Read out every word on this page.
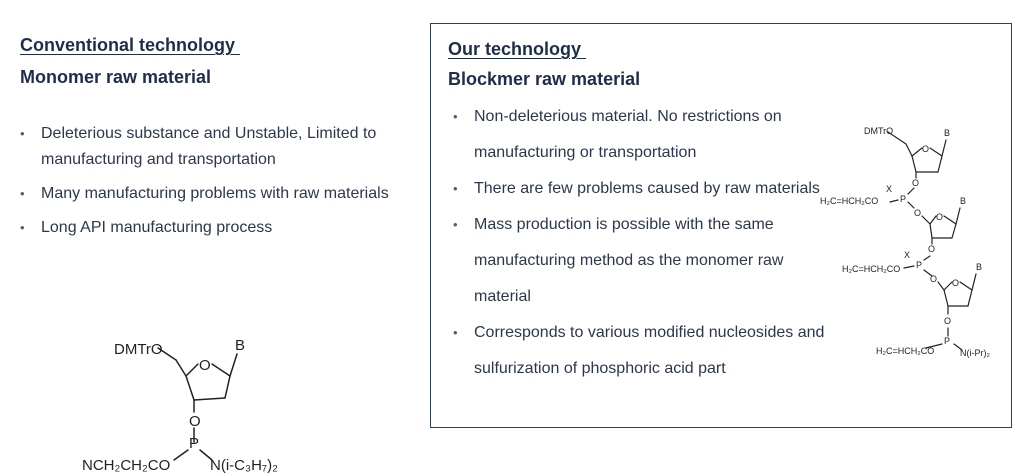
Conventional technology
Monomer raw material
• Deleterious substance and Unstable, Limited to manufacturing and transportation
• Many manufacturing problems with raw materials
• Long API manufacturing process
DMTrO	B
O
O
P
NCH₂CH₂CO	N(i-C₃H₇)₂
Our technology
Blockmer raw material
• Non-deleterious material. No restrictions on manufacturing or transportation
• There are few problems caused by raw materials
• Mass production is possible with the same manufacturing method as the monomer raw material
• Corresponds to various modified nucleosides and sulfurization of phosphoric acid part
DMTrO	B
O
O
X
P
H₂C=HCH₂CO
O
B
O
O
X
P
H₂C=HCH₂CO
O
B
O
O
P
H₂C=HCH₂CO	N(i-Pr)₂
